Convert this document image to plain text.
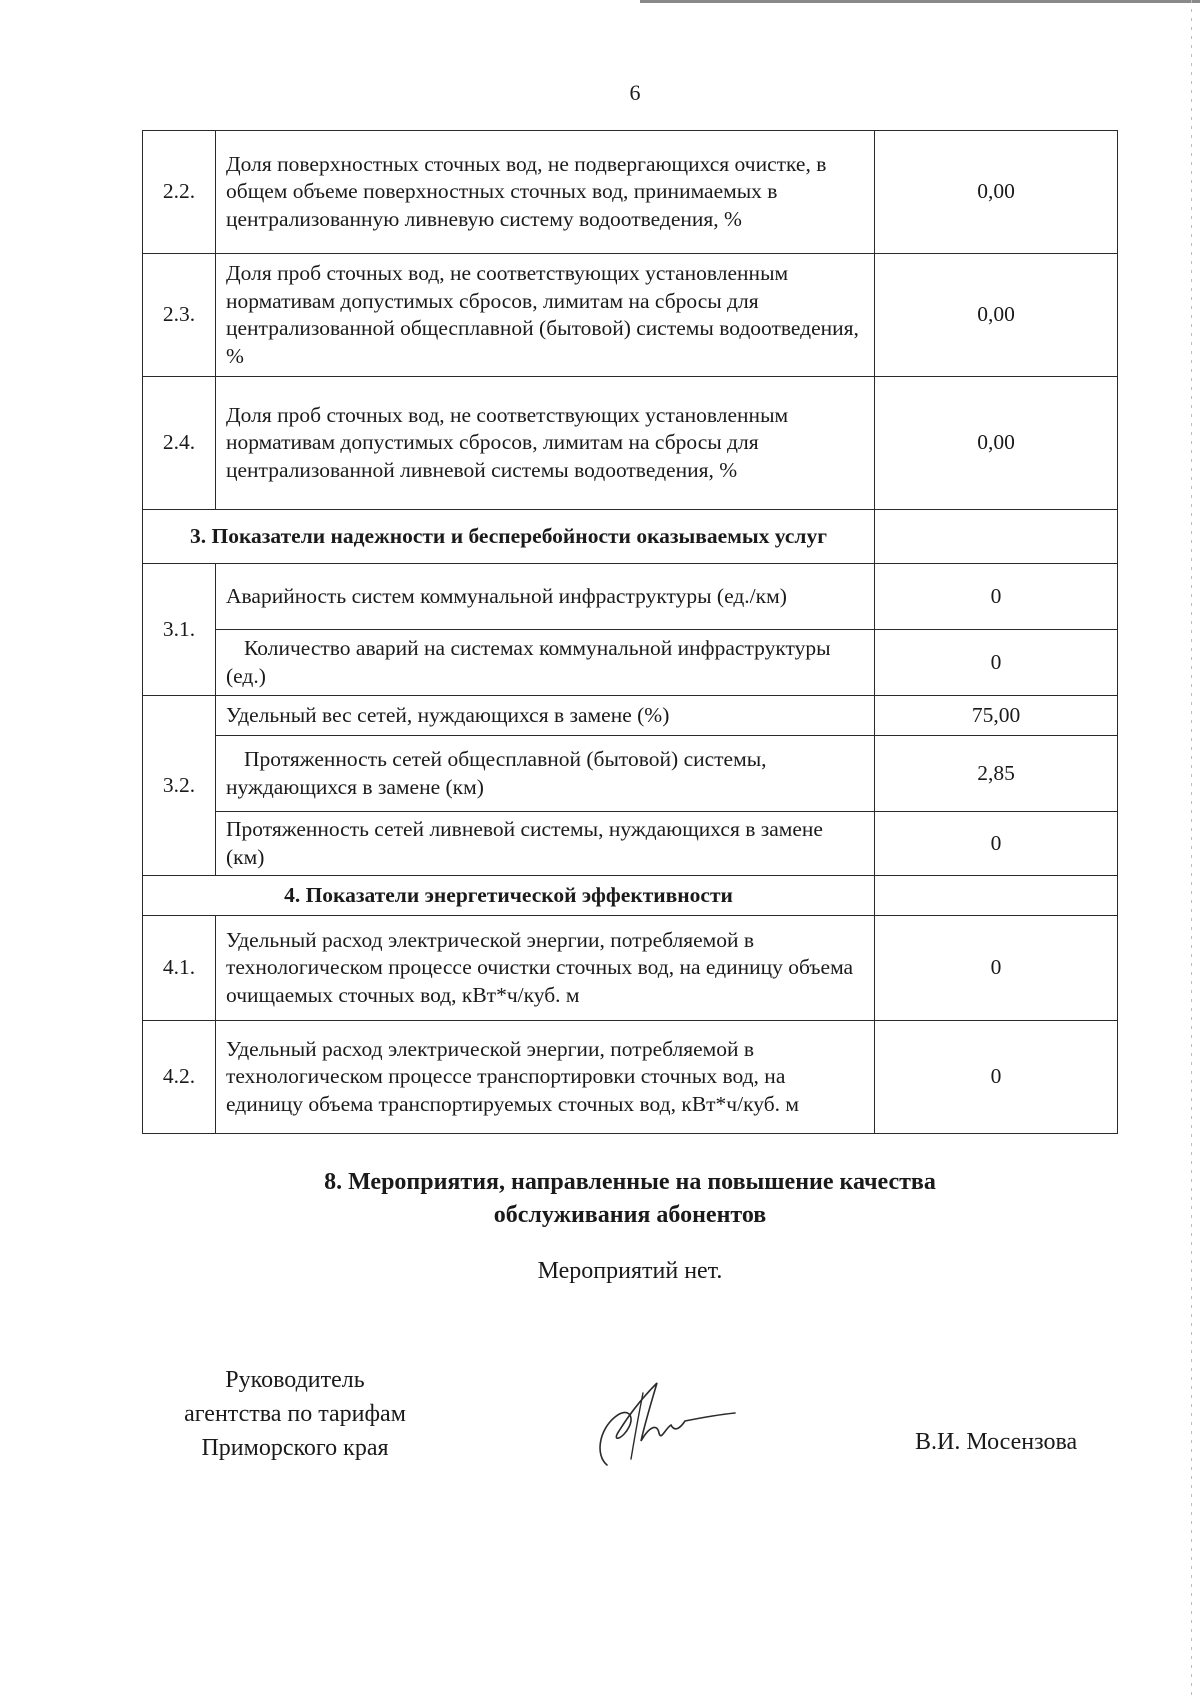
6
2.2.	Доля поверхностных сточных вод, не подвергающихся очистке, в общем объеме поверхностных сточных вод, принимаемых в централизованную ливневую систему водоотведения, %	0,00
2.3.	Доля проб сточных вод, не соответствующих установленным нормативам допустимых сбросов, лимитам на сбросы для централизованной общесплавной (бытовой) системы водоотведения, %	0,00
2.4.	Доля проб сточных вод, не соответствующих установленным нормативам допустимых сбросов, лимитам на сбросы для централизованной ливневой системы водоотведения, %	0,00
3. Показатели надежности и бесперебойности оказываемых услуг		
3.1.	Аварийность систем коммунальной инфраструктуры (ед./км)	0
	Количество аварий на системах коммунальной инфраструктуры (ед.)	0
3.2.	Удельный вес сетей, нуждающихся в замене (%)	75,00
	Протяженность сетей общесплавной (бытовой) системы, нуждающихся в замене (км)	2,85
	Протяженность сетей ливневой системы, нуждающихся в замене (км)	0
4. Показатели энергетической эффективности		
4.1.	Удельный расход электрической энергии, потребляемой в технологическом процессе очистки сточных вод, на единицу объема очищаемых сточных вод, кВт*ч/куб. м	0
4.2.	Удельный расход электрической энергии, потребляемой в технологическом процессе транспортировки сточных вод, на единицу объема транспортируемых сточных вод, кВт*ч/куб. м	0
8. Мероприятия, направленные на повышение качества
обслуживания абонентов
Мероприятий нет.
Руководитель
агентства по тарифам
Приморского края	В.И. Мосензова
